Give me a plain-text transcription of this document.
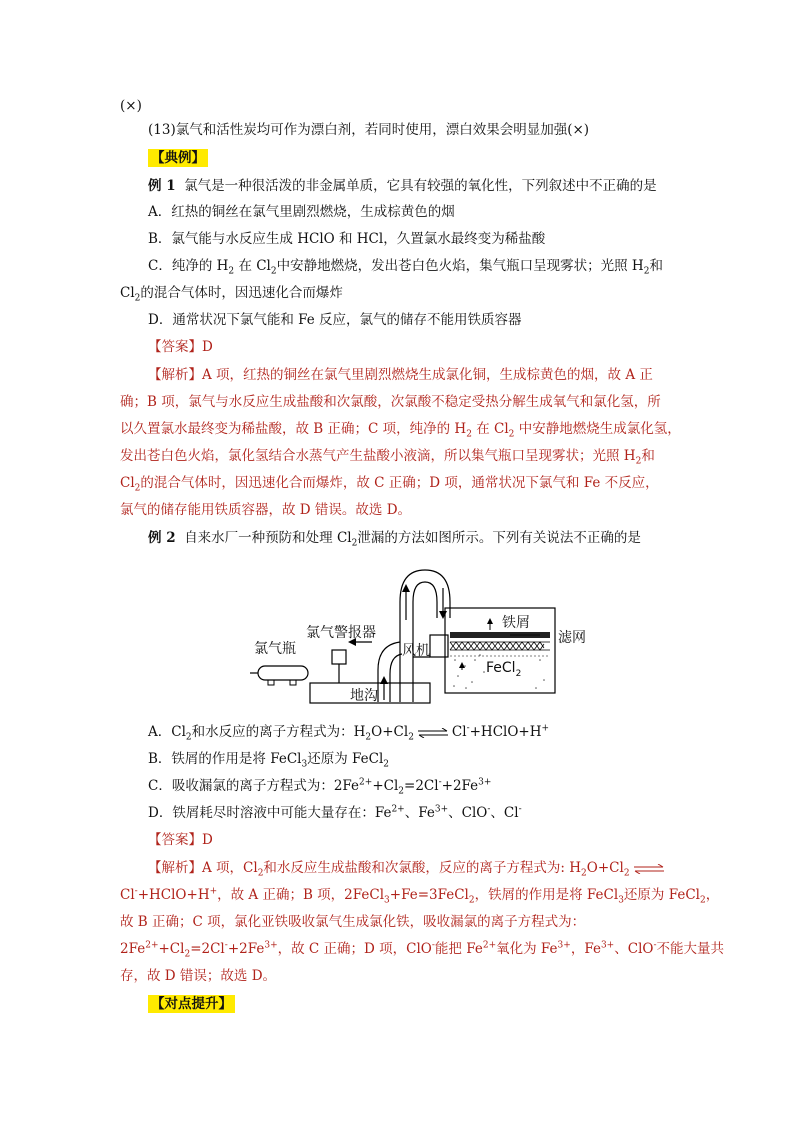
(×)
(13)氯气和活性炭均可作为漂白剂，若同时使用，漂白效果会明显加强(×)
【典例】
例 1 氯气是一种很活泼的非金属单质，它具有较强的氧化性，下列叙述中不正确的是
A．红热的铜丝在氯气里剧烈燃烧，生成棕黄色的烟
B．氯气能与水反应生成 HClO 和 HCl，久置氯水最终变为稀盐酸
C．纯净的 $H_2$ 在 $Cl_2$中安静地燃烧，发出苍白色火焰，集气瓶口呈现雾状；光照 $H_2$和
$Cl_2$的混合气体时，因迅速化合而爆炸
D．通常状况下氯气能和 Fe 反应，氯气的储存不能用铁质容器
【答案】D
【解析】A 项，红热的铜丝在氯气里剧烈燃烧生成氯化铜，生成棕黄色的烟，故 A 正
确；B 项，氯气与水反应生成盐酸和次氯酸，次氯酸不稳定受热分解生成氧气和氯化氢，所
以久置氯水最终变为稀盐酸，故 B 正确；C 项，纯净的 $H_2$ 在 $Cl_2$ 中安静地燃烧生成氯化氢，
发出苍白色火焰，氯化氢结合水蒸气产生盐酸小液滴，所以集气瓶口呈现雾状；光照 $H_2$和
$Cl_2$的混合气体时，因迅速化合而爆炸，故 C 正确；D 项，通常状况下氯气和 Fe 不反应，
氯气的储存能用铁质容器，故 D 错误。故选 D。
例 2 自来水厂一种预防和处理 $Cl_2$泄漏的方法如图所示。下列有关说法不正确的是
氯气瓶
氯气警报器
风机
铁屑
滤网
FeCl$_2$
地沟
A．$Cl_2$和水反应的离子方程式为：$H_2O+Cl_2$ ⇌ Cl-+HClO+H+
B．铁屑的作用是将 FeCl$_3$还原为 FeCl$_2$
C．吸收漏氯的离子方程式为：$2Fe^{2+}+Cl_2=2Cl^-+2Fe^{3+}$
D．铁屑耗尽时溶液中可能大量存在：$Fe^{2+}$、$Fe^{3+}$、ClO-、Cl-
【答案】D
【解析】A 项，$Cl_2$和水反应生成盐酸和次氯酸，反应的离子方程式为: $H_2O+Cl_2$
Cl-+HClO+H+，故 A 正确；B 项，2FeCl$_3$+Fe=3FeCl$_2$，铁屑的作用是将 FeCl$_3$还原为 FeCl$_2$，
故 B 正确；C 项，氯化亚铁吸收氯气生成氯化铁，吸收漏氯的离子方程式为：
$2Fe^{2+}+Cl_2=2Cl^-+2Fe^{3+}$，故 C 正确；D 项，ClO-能把 $Fe^{2+}$氧化为 $Fe^{3+}$，$Fe^{3+}$、ClO-不能大量共
存，故 D 错误；故选 D。
【对点提升】
